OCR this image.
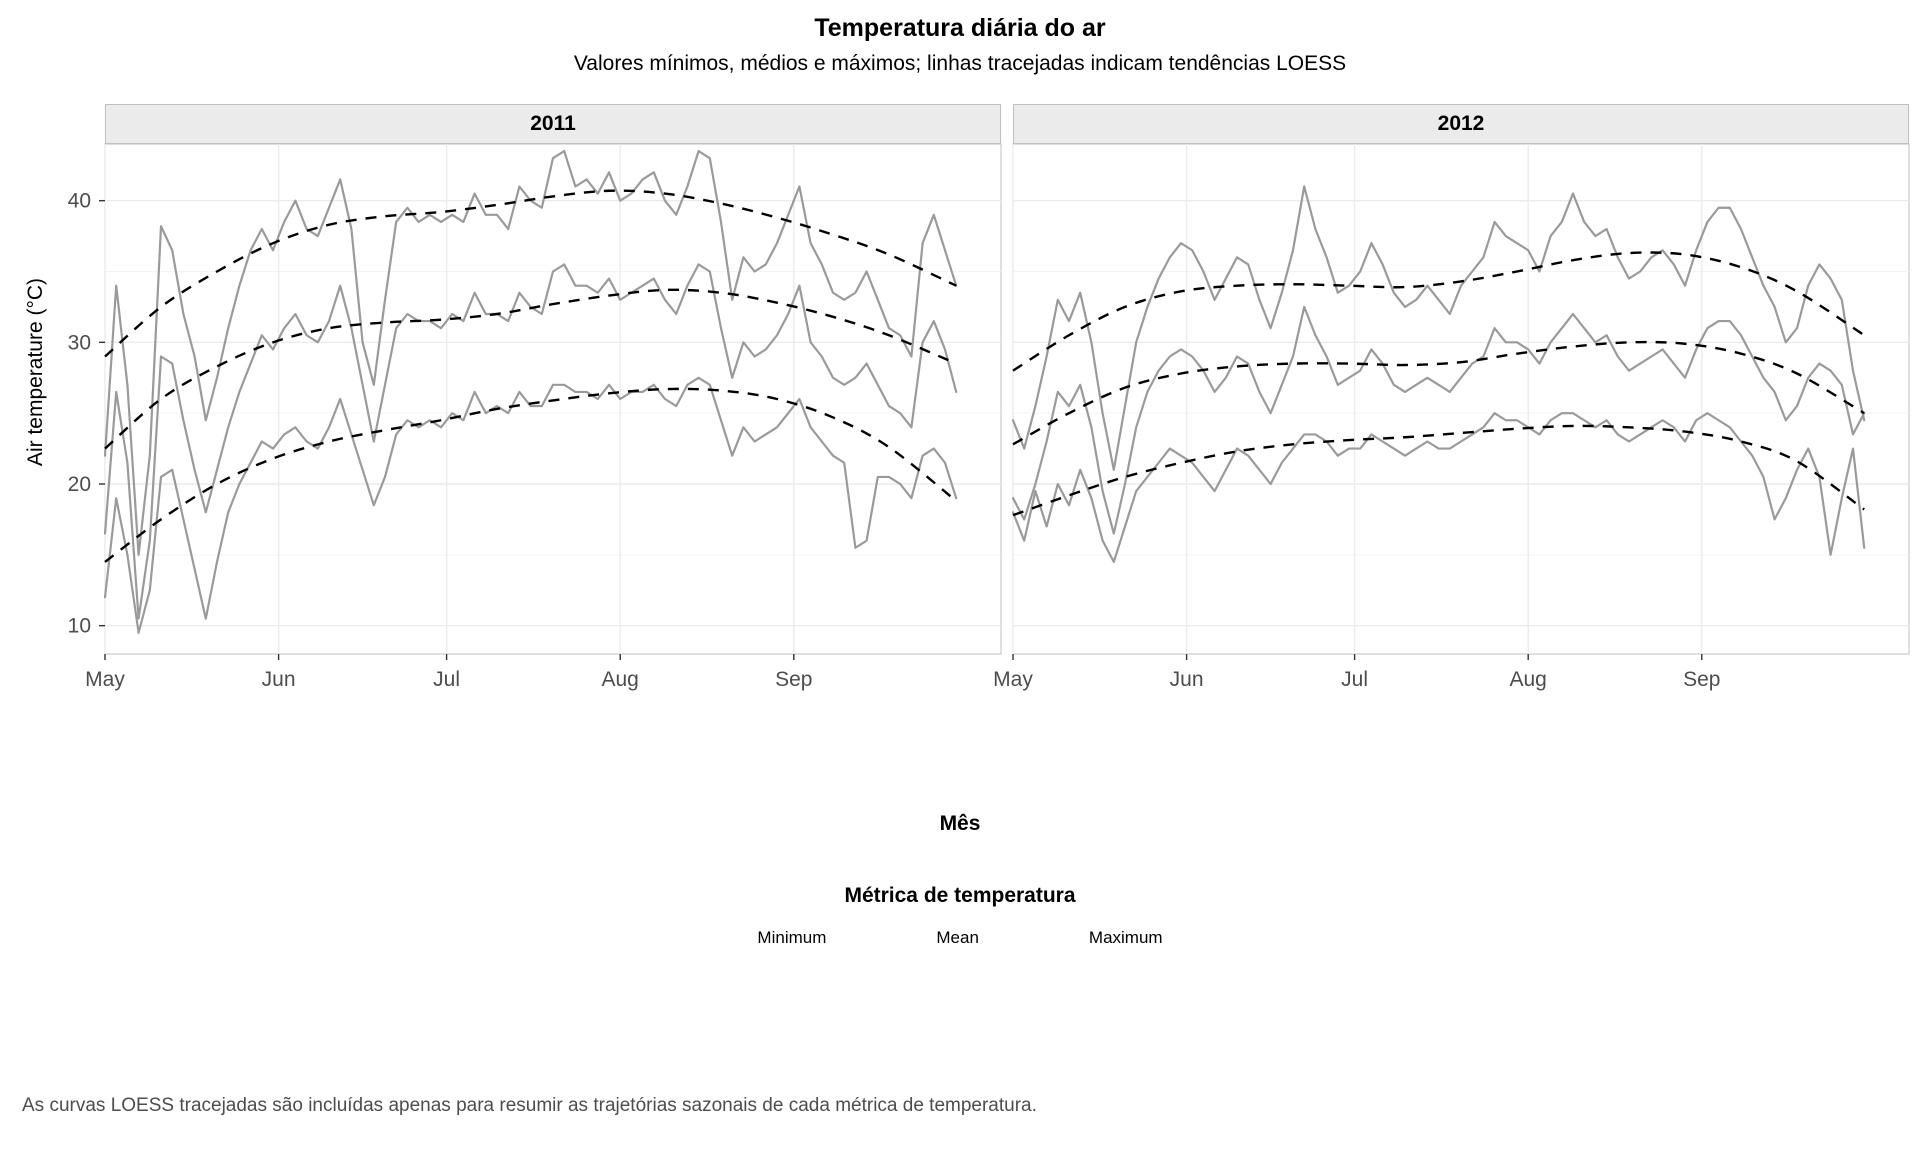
Temperatura diária do ar
Valores mínimos, médios e máximos; linhas tracejadas indicam tendências LOESS
Air temperature (°C)
2011	2012
10
20
30
40
May	Jun	Jul	Aug	Sep	May	Jun	Jul	Aug	Sep
Mês
Métrica de temperatura
Minimum	Mean	Maximum
As curvas LOESS tracejadas são incluídas apenas para resumir as trajetórias sazonais de cada métrica de temperatura.
